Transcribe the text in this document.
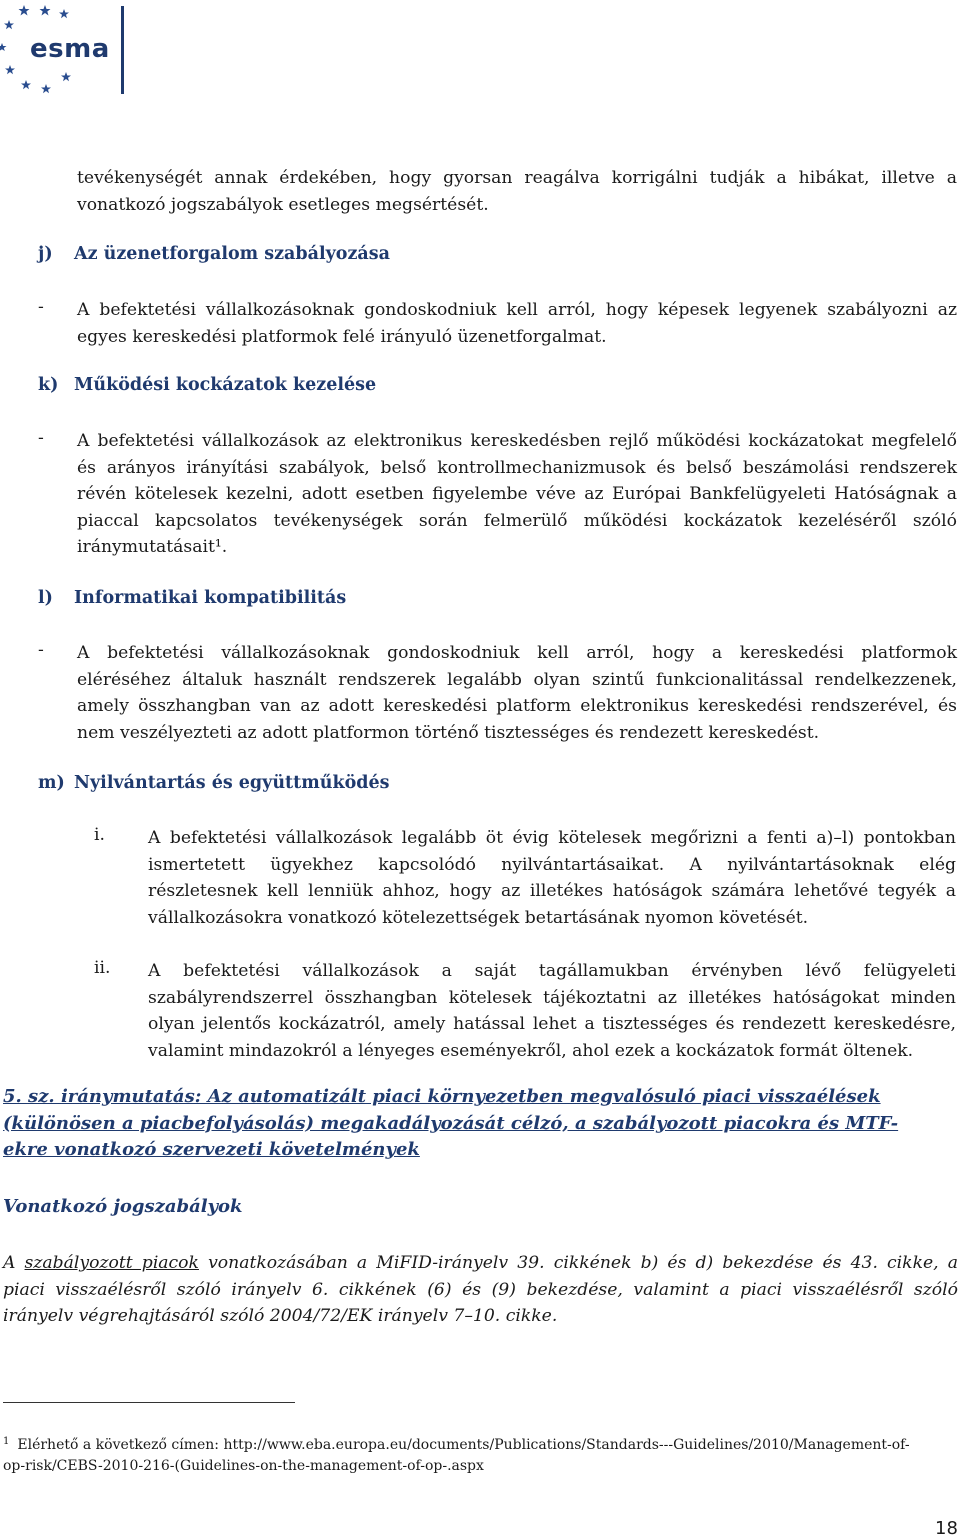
esma
tevékenységét annak érdekében, hogy gyorsan reagálva korrigálni tudják a hibákat, illetve a
vonatkozó jogszabályok esetleges megsértését.
j) Az üzenetforgalom szabályozása
- A befektetési vállalkozásoknak gondoskodniuk kell arról, hogy képesek legyenek szabályozni az
egyes kereskedési platformok felé irányuló üzenetforgalmat.
k) Működési kockázatok kezelése
- A befektetési vállalkozások az elektronikus kereskedésben rejlő működési kockázatokat megfelelő
és arányos irányítási szabályok, belső kontrollmechanizmusok és belső beszámolási rendszerek
révén kötelesek kezelni, adott esetben figyelembe véve az Európai Bankfelügyeleti Hatóságnak a
piaccal kapcsolatos tevékenységek során felmerülő működési kockázatok kezeléséről szóló
iránymutatásait¹.
l) Informatikai kompatibilitás
- A befektetési vállalkozásoknak gondoskodniuk kell arról, hogy a kereskedési platformok
eléréséhez általuk használt rendszerek legalább olyan szintű funkcionalitással rendelkezzenek,
amely összhangban van az adott kereskedési platform elektronikus kereskedési rendszerével, és
nem veszélyezteti az adott platformon történő tisztességes és rendezett kereskedést.
m) Nyilvántartás és együttműködés
i.	A befektetési vállalkozások legalább öt évig kötelesek megőrizni a fenti a)–l) pontokban
ismertetett ügyekhez kapcsolódó nyilvántartásaikat. A nyilvántartásoknak elég
részletesnek kell lenniük ahhoz, hogy az illetékes hatóságok számára lehetővé tegyék a
vállalkozásokra vonatkozó kötelezettségek betartásának nyomon követését.
ii. A befektetési vállalkozások a saját tagállamukban érvényben lévő felügyeleti
szabályrendszerrel összhangban kötelesek tájékoztatni az illetékes hatóságokat minden
olyan jelentős kockázatról, amely hatással lehet a tisztességes és rendezett kereskedésre,
valamint mindazokról a lényeges eseményekről, ahol ezek a kockázatok formát öltenek.
5. sz. iránymutatás: Az automatizált piaci környezetben megvalósuló piaci visszaélések
(különösen a piacbefolyásolás) megakadályozását célzó, a szabályozott piacokra és MTF-
ekre vonatkozó szervezeti követelmények
Vonatkozó jogszabályok
A szabályozott piacok vonatkozásában a MiFID-irányelv 39. cikkének b) és d) bekezdése és 43. cikke, a
piaci visszaélésről szóló irányelv 6. cikkének (6) és (9) bekezdése, valamint a piaci visszaélésről szóló
irányelv végrehajtásáról szóló 2004/72/EK irányelv 7–10. cikke.
$^1$ Elérhető a következő címen: http://www.eba.europa.eu/documents/Publications/Standards---Guidelines/2010/Management-of-
op-risk/CEBS-2010-216-(Guidelines-on-the-management-of-op-.aspx
18
